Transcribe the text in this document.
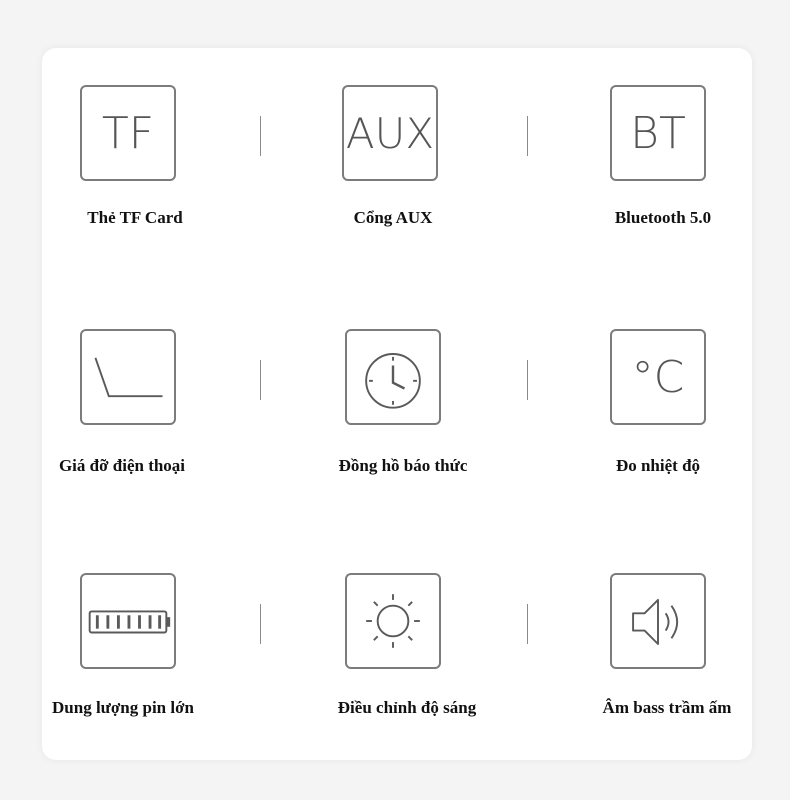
TF
Thẻ TF Card
AUX
Cổng AUX
BT
Bluetooth 5.0
Giá đỡ điện thoại	Đồng hồ báo thức
°C
Đo nhiệt độ
Dung lượng pin lớn	Điều chỉnh độ sáng	Âm bass trầm ấm
